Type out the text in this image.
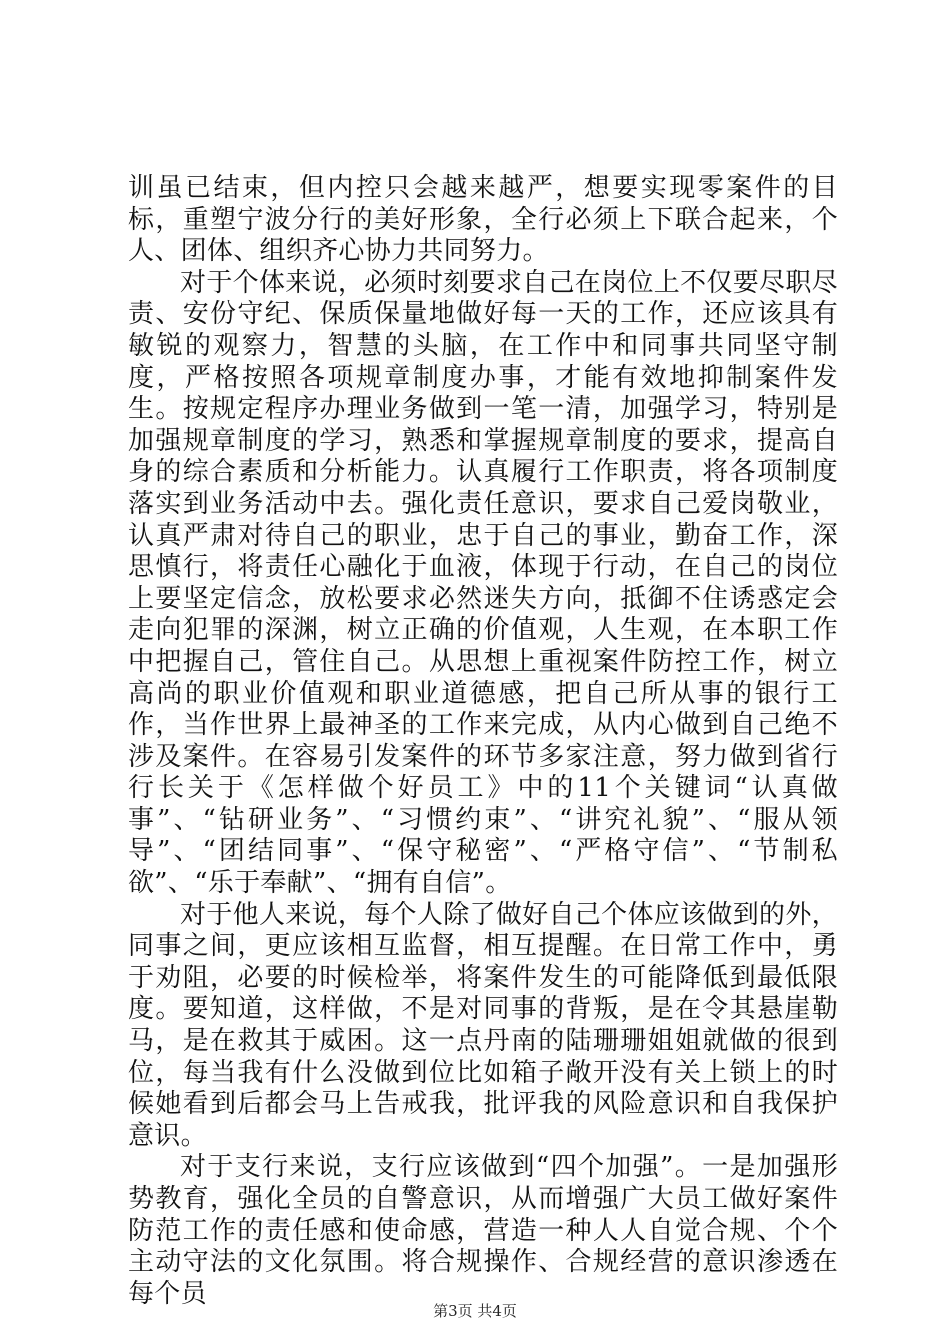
训虽已结束，但内控只会越来越严，想要实现零案件的目标，重塑宁波分行的美好形象，全行必须上下联合起来，个人、团体、组织齐心协力共同努力。

对于个体来说，必须时刻要求自己在岗位上不仅要尽职尽责、安份守纪、保质保量地做好每一天的工作，还应该具有敏锐的观察力，智慧的头脑，在工作中和同事共同坚守制度，严格按照各项规章制度办事，才能有效地抑制案件发生。按规定程序办理业务做到一笔一清，加强学习，特别是加强规章制度的学习，熟悉和掌握规章制度的要求，提高自身的综合素质和分析能力。认真履行工作职责，将各项制度落实到业务活动中去。强化责任意识，要求自己爱岗敬业，认真严肃对待自己的职业，忠于自己的事业，勤奋工作，深思慎行，将责任心融化于血液，体现于行动，在自己的岗位上要坚定信念，放松要求必然迷失方向，抵御不住诱惑定会走向犯罪的深渊，树立正确的价值观，人生观，在本职工作中把握自己，管住自己。从思想上重视案件防控工作，树立高尚的职业价值观和职业道德感，把自己所从事的银行工作，当作世界上最神圣的工作来完成，从内心做到自己绝不涉及案件。在容易引发案件的环节多家注意，努力做到省行行长关于《怎样做个好员工》中的11个关键词“认真做事”、“钻研业务”、“习惯约束”、“讲究礼貌”、“服从领导”、“团结同事”、“保守秘密”、“严格守信”、“节制私欲”、“乐于奉献”、“拥有自信”。

对于他人来说，每个人除了做好自己个体应该做到的外，同事之间，更应该相互监督，相互提醒。在日常工作中，勇于劝阻，必要的时候检举，将案件发生的可能降低到最低限度。要知道，这样做，不是对同事的背叛，是在令其悬崖勒马，是在救其于威困。这一点丹南的陆珊珊姐姐就做的很到位，每当我有什么没做到位比如箱子敞开没有关上锁上的时候她看到后都会马上告戒我，批评我的风险意识和自我保护意识。

对于支行来说，支行应该做到“四个加强”。一是加强形势教育，强化全员的自警意识，从而增强广大员工做好案件防范工作的责任感和使命感，营造一种人人自觉合规、个个主动守法的文化氛围。将合规操作、合规经营的意识渗透在每个员

第3页 共4页
